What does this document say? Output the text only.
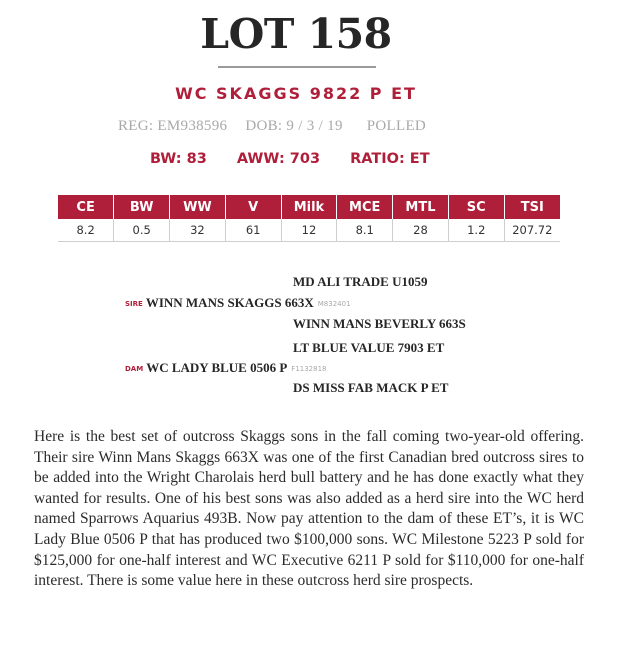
LOT 158
WC SKAGGS 9822 P ET
REG: EM938596 DOB: 9 / 3 / 19 POLLED
BW: 83 AWW: 703 RATIO: ET
CE	BW	WW	V	Milk	MCE	MTL	SC	TSI
8.2	0.5	32	61	12	8.1	28	1.2	207.72
MD ALI TRADE U1059
SIRE WINN MANS SKAGGS 663X M832401
WINN MANS BEVERLY 663S
LT BLUE VALUE 7903 ET
DAM WC LADY BLUE 0506 P F1132818
DS MISS FAB MACK P ET

Here is the best set of outcross Skaggs sons in the fall coming two-year-old offering. Their sire Winn Mans Skaggs 663X was one of the first Canadian bred outcross sires to be added into the Wright Charolais herd bull battery and he has done exactly what they wanted for results. One of his best sons was also added as a herd sire into the WC herd named Sparrows Aquarius 493B. Now pay attention to the dam of these ET’s, it is WC Lady Blue 0506 P that has produced two $100,000 sons. WC Milestone 5223 P sold for $125,000 for one-half interest and WC Executive 6211 P sold for $110,000 for one-half interest. There is some value here in these outcross herd sire prospects.
